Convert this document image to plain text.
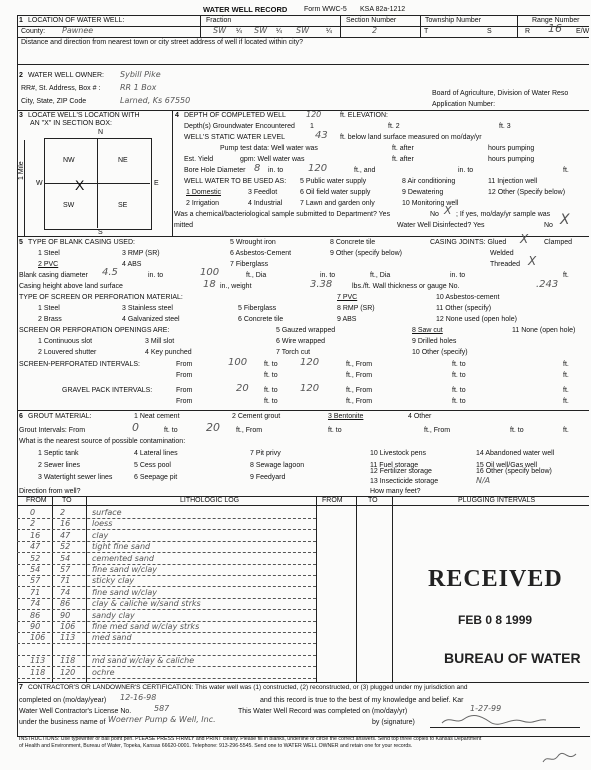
WATER WELL RECORD Form WWC-5 KSA 82a-1212
1 LOCATION OF WATER WELL:	Fraction	Section Number	Township Number	Range Number
County: Pawnee	SW ¼ SW ¼ SW ¼	2	T	S	R 16 E/W
Distance and direction from nearest town or city street address of well if located within city?
2 WATER WELL OWNER: Sybill Pike
RR#, St. Address, Box # : RR 1 Box
City, State, ZIP Code	Larned, Ks 67550
Board of Agriculture, Division of Water Reso
Application Number:
3 LOCATE WELL'S LOCATION WITH
AN "X" IN SECTION BOX:
N
S
W	E
NW	NE
SW	SE
X
1 Mile
4 DEPTH OF COMPLETED WELL	120	ft. ELEVATION:
Depth(s) Groundwater Encountered 1	ft. 2	ft. 3
WELL'S STATIC WATER LEVEL	43 ft. below land surface measured on mo/day/yr
Pump test data: Well water was	ft. after	hours pumping
Est. Yield	gpm: Well water was	ft. after	hours pumping
Bore Hole Diameter 8 in. to 120	ft., and	in. to	ft.
WELL WATER TO BE USED AS: 5 Public water supply	8 Air conditioning	11 Injection well
1 Domestic	3 Feedlot	6 Oil field water supply	9 Dewatering	12 Other (Specify below)
2 Irrigation	4 Industrial	7 Lawn and garden only	10 Monitoring well
Was a chemical/bacteriological sample submitted to Department? Yes	No X ; If yes, mo/day/yr sample was
mitted	Water Well Disinfected? Yes	No X
5 TYPE OF BLANK CASING USED:	5 Wrought iron	8 Concrete tile	CASING JOINTS: Glued X Clamped
1 Steel	3 RMP (SR)	6 Asbestos-Cement	9 Other (specify below)	Welded
2 PVC	4 ABS	7 Fiberglass	Threaded X
Blank casing diameter 4.5	in. to	100	ft., Dia	in. to	ft., Dia	in. to	ft.
Casing height above land surface	18 in., weight	3.38	lbs./ft. Wall thickness or gauge No.	.243
TYPE OF SCREEN OR PERFORATION MATERIAL:	7 PVC	10 Asbestos-cement
1 Steel	3 Stainless steel	5 Fiberglass	8 RMP (SR)	11 Other (specify)
2 Brass	4 Galvanized steel	6 Concrete tile	9 ABS	12 None used (open hole)
SCREEN OR PERFORATION OPENINGS ARE:	5 Gauzed wrapped	8 Saw cut	11 None (open hole)
1 Continuous slot	3 Mill slot	6 Wire wrapped	9 Drilled holes
2 Louvered shutter	4 Key punched	7 Torch cut	10 Other (specify)
SCREEN-PERFORATED INTERVALS:	From	100 ft. to 120	ft., From	ft. to	ft.
From	ft. to	ft., From	ft. to	ft.
GRAVEL PACK INTERVALS:	From	20 ft. to 120	ft., From	ft. to	ft.
From	ft. to	ft., From	ft. to	ft.
6 GROUT MATERIAL:	1 Neat cement	2 Cement grout	3 Bentonite	4 Other
Grout Intervals: From	0	ft. to	20 ft., From	ft. to	ft., From	ft. to	ft.
What is the nearest source of possible contamination:
1 Septic tank	4 Lateral lines	7 Pit privy	10 Livestock pens	14 Abandoned water well
2 Sewer lines	5 Cess pool	8 Sewage lagoon	11 Fuel storage	15 Oil well/Gas well
3 Watertight sewer lines	6 Seepage pit	9 Feedyard
12 Fertilizer storage
13 Insecticide storage
16 Other (specify below)
N/A
Direction from well?	How many feet?
FROM TO	LITHOLOGIC LOG	FROM	TO	PLUGGING INTERVALS
0	2	surface
2	16	loess
16 47	clay
47 52	tight fine sand
52 54	cemented sand
54 57	fine sand w/clay
57 71	sticky clay
71 74	fine sand w/clay
74 86	clay & caliche w/sand strks
86 90	sandy clay
90 106 fine med sand w/clay strks
106 113 med sand
113 118 md sand w/clay & caliche
118 120 ochre
RECEIVED
FEB 0 8 1999
BUREAU OF WATER
7 CONTRACTOR'S OR LANDOWNER'S CERTIFICATION: This water well was (1) constructed, (2) reconstructed, or (3) plugged under my jurisdiction and
completed on (mo/day/year) 12-16-98	and this record is true to the best of my knowledge and belief. Kar
Water Well Contractor's License No.	587	This Water Well Record was completed on (mo/day/yr)	1-27-99
under the business name of Woerner Pump & Well, Inc.	by (signature)
INSTRUCTIONS: Use typewriter or ball point pen. PLEASE PRESS FIRMLY and PRINT clearly. Please fill in blanks, underline or circle the correct answers. Send top three copies to Kansas Department
of Health and Environment, Bureau of Water, Topeka, Kansas 66620-0001. Telephone: 913-296-5545. Send one to WATER WELL OWNER and retain one for your records.
